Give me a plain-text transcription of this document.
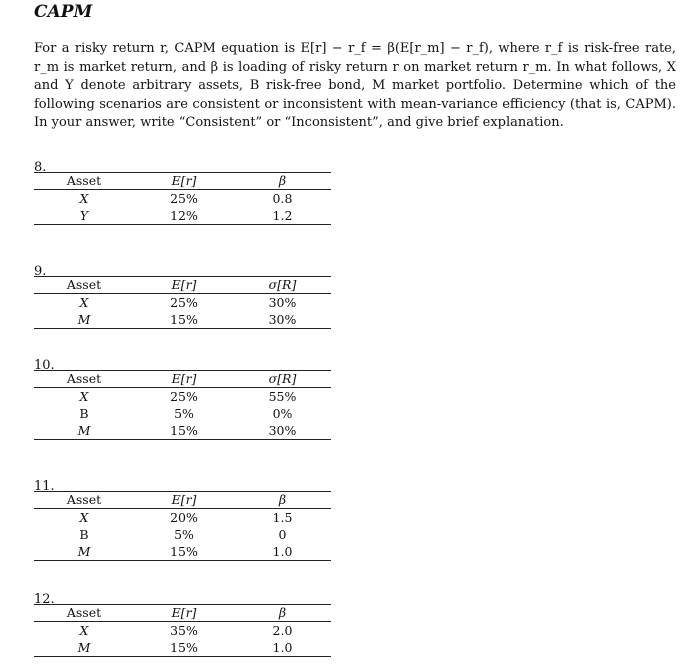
CAPM
For a risky return r, CAPM equation is E[r] − r_f = β(E[r_m] − r_f), where r_f is risk-free rate, r_m is market return, and β is loading of risky return r on market return r_m. In what follows, X and Y denote arbitrary assets, B risk-free bond, M market portfolio. Determine which of the following scenarios are consistent or inconsistent with mean-variance efficiency (that is, CAPM). In your answer, write “Consistent” or “Inconsistent”, and give brief explanation.
8.
Asset	E[r]	β
X	25%	0.8
Y	12%	1.2
9.
Asset	E[r]	σ[R]
X	25%	30%
M	15%	30%
10.
Asset	E[r]	σ[R]
X	25%	55%
B	5%	0%
M	15%	30%
11.
Asset	E[r]	β
X	20%	1.5
B	5%	0
M	15%	1.0
12.
Asset	E[r]	β
X	35%	2.0
M	15%	1.0
